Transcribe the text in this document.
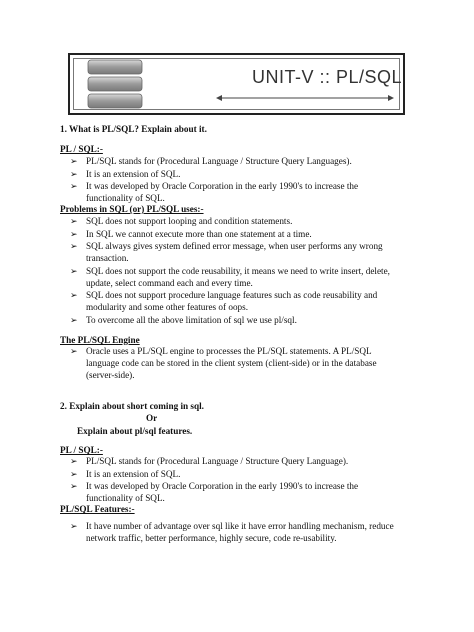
UNIT-V :: PL/SQL
1. What is PL/SQL? Explain about it.
PL / SQL:-
➢ PL/SQL stands for (Procedural Language / Structure Query Languages).
➢ It is an extension of SQL.
➢ It was developed by Oracle Corporation in the early 1990's to increase the
functionality of SQL.
Problems in SQL (or) PL/SQL uses:-
➢ SQL does not support looping and condition statements.
➢ In SQL we cannot execute more than one statement at a time.
➢ SQL always gives system defined error message, when user performs any wrong
transaction.
➢ SQL does not support the code reusability, it means we need to write insert, delete,
update, select command each and every time.
➢ SQL does not support procedure language features such as code reusability and
modularity and some other features of oops.
➢ To overcome all the above limitation of sql we use pl/sql.
The PL/SQL Engine
➢ Oracle uses a PL/SQL engine to processes the PL/SQL statements. A PL/SQL
language code can be stored in the client system (client-side) or in the database
(server-side).
2. Explain about short coming in sql.
Or
Explain about pl/sql features.
PL / SQL:-
➢ PL/SQL stands for (Procedural Language / Structure Query Language).
➢ It is an extension of SQL.
➢ It was developed by Oracle Corporation in the early 1990's to increase the
functionality of SQL.
PL/SQL Features:-
➢ It have number of advantage over sql like it have error handling mechanism, reduce
network traffic, better performance, highly secure, code re-usability.
